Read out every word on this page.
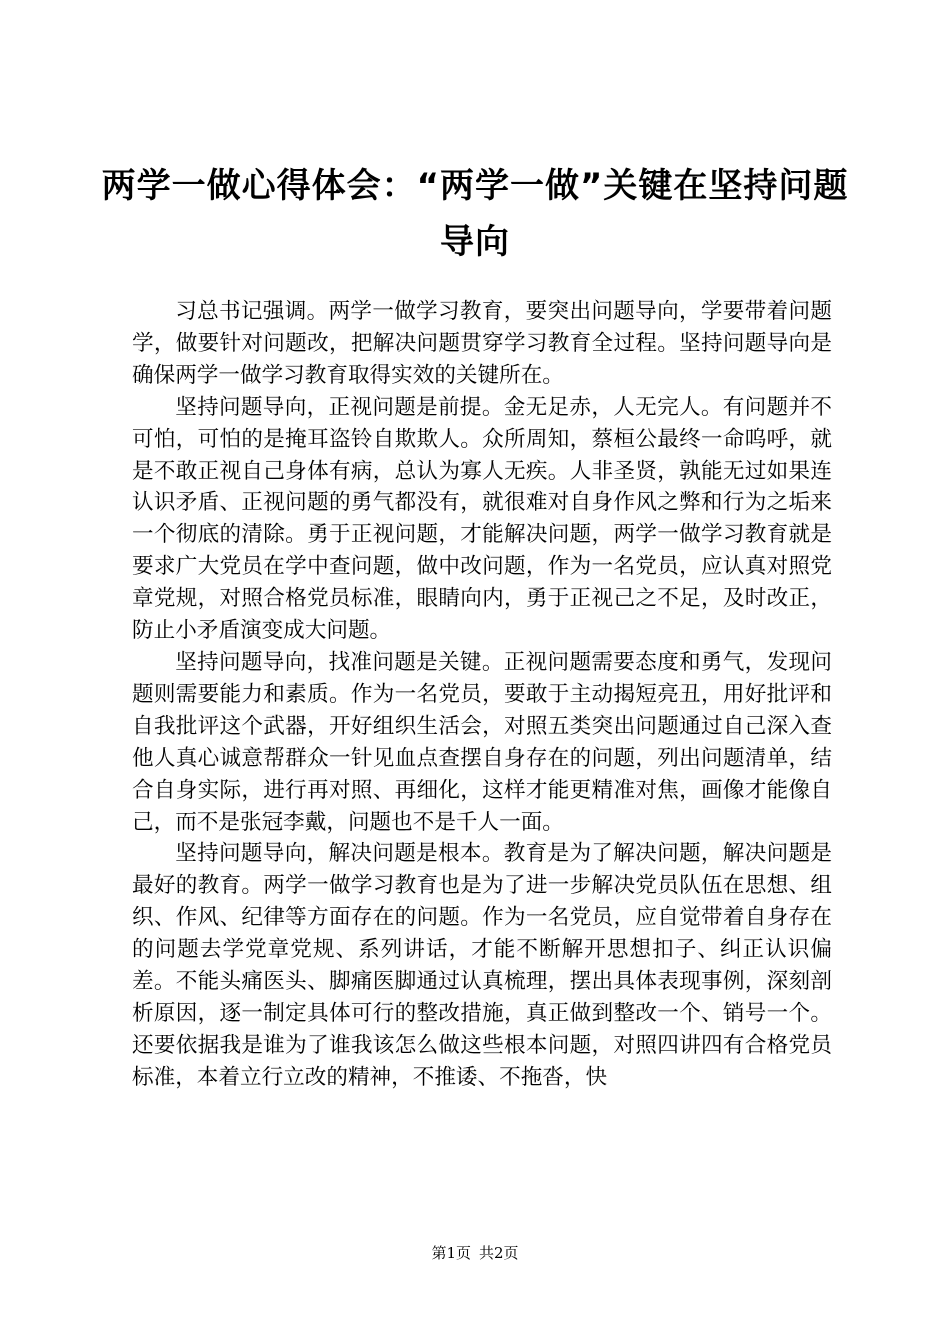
两学一做心得体会：“两学一做”关键在坚持问题导向

习总书记强调。两学一做学习教育，要突出问题导向，学要带着问题学，做要针对问题改，把解决问题贯穿学习教育全过程。坚持问题导向是确保两学一做学习教育取得实效的关键所在。

坚持问题导向，正视问题是前提。金无足赤，人无完人。有问题并不可怕，可怕的是掩耳盗铃自欺欺人。众所周知，蔡桓公最终一命呜呼，就是不敢正视自己身体有病，总认为寡人无疾。人非圣贤，孰能无过如果连认识矛盾、正视问题的勇气都没有，就很难对自身作风之弊和行为之垢来一个彻底的清除。勇于正视问题，才能解决问题，两学一做学习教育就是要求广大党员在学中查问题，做中改问题，作为一名党员，应认真对照党章党规，对照合格党员标准，眼睛向内，勇于正视己之不足，及时改正，防止小矛盾演变成大问题。

坚持问题导向，找准问题是关键。正视问题需要态度和勇气，发现问题则需要能力和素质。作为一名党员，要敢于主动揭短亮丑，用好批评和自我批评这个武器，开好组织生活会，对照五类突出问题通过自己深入查他人真心诚意帮群众一针见血点查摆自身存在的问题，列出问题清单，结合自身实际，进行再对照、再细化，这样才能更精准对焦，画像才能像自己，而不是张冠李戴，问题也不是千人一面。

坚持问题导向，解决问题是根本。教育是为了解决问题，解决问题是最好的教育。两学一做学习教育也是为了进一步解决党员队伍在思想、组织、作风、纪律等方面存在的问题。作为一名党员，应自觉带着自身存在的问题去学党章党规、系列讲话，才能不断解开思想扣子、纠正认识偏差。不能头痛医头、脚痛医脚通过认真梳理，摆出具体表现事例，深刻剖析原因，逐一制定具体可行的整改措施，真正做到整改一个、销号一个。还要依据我是谁为了谁我该怎么做这些根本问题，对照四讲四有合格党员标准，本着立行立改的精神，不推诿、不拖沓，快

第1页 共2页
